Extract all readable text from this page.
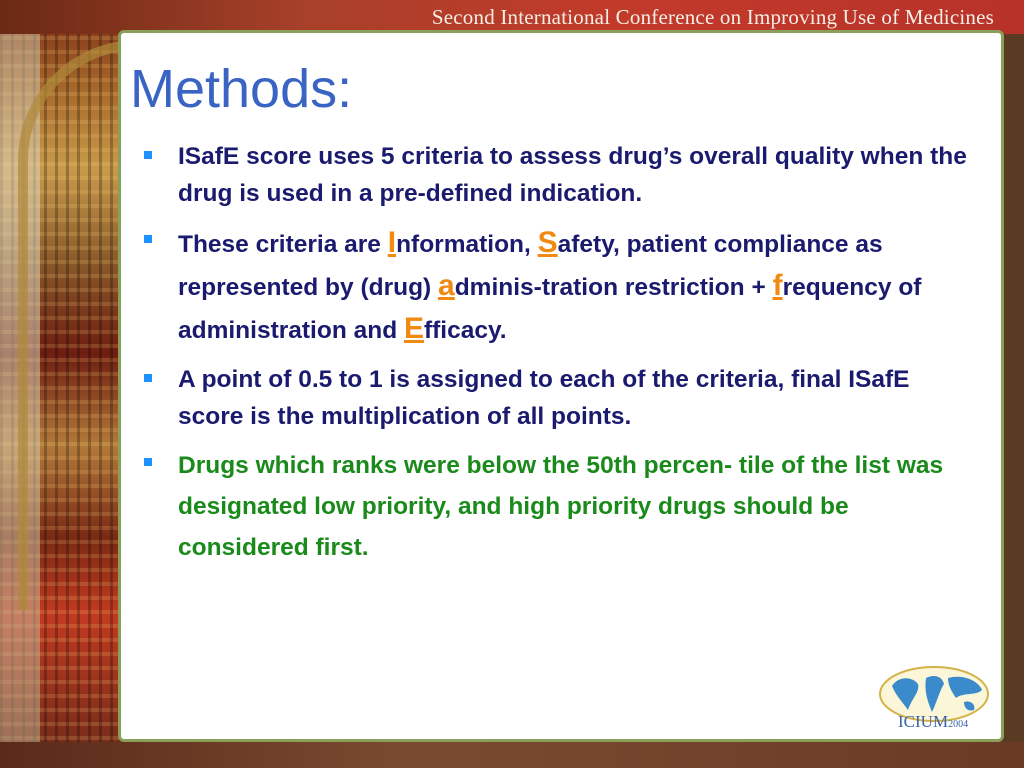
Second International Conference on Improving Use of Medicines
Methods:
ISafE score uses 5 criteria to assess drug’s overall quality when the drug is used in a pre-defined indication.
These criteria are Information, Safety, patient compliance as represented by (drug) adminis-tration restriction + frequency of administration and Efficacy.
A point of 0.5 to 1 is assigned to each of the criteria, final ISafE score is the multiplication of all points.
Drugs which ranks were below the 50th percen- tile of the list was designated low priority, and high priority drugs should be considered first.
ICIUM2004
